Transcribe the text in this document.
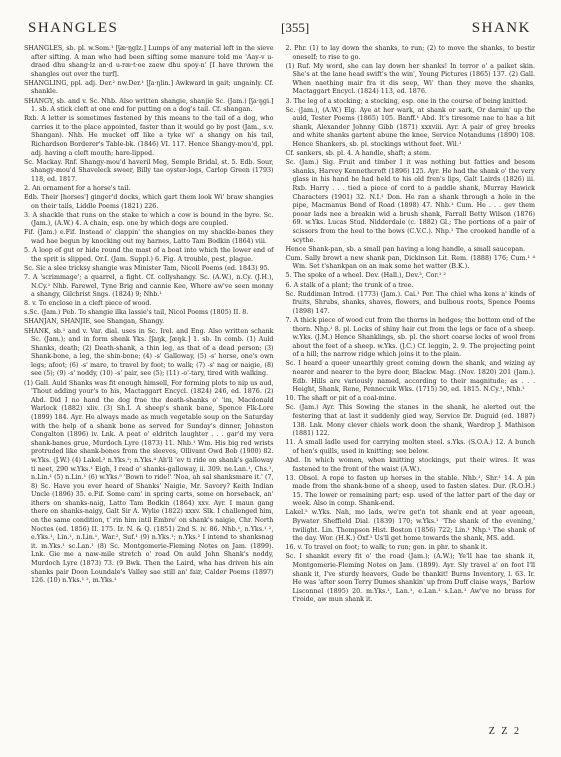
SHANGLES	[355]	SHANK

SHANGLES, sb. pl. w.Som.¹ [ʃæ·ŋglz.] Lumps of any material left in the sieve after sifting. A man who had been sifting some manure told me 'Aay-v u-draed dhu shang·lz an·d u-ræ·t·ee zaew dhu spoy-n' [I have thrown the shangles out over the turf].

SHANGLING, ppl. adj. Der.² nw.Der.¹ [ʃa·ŋlin.] Awkward in gait; ungainly. Cf. shankle.

SHANGY, sb. and v. Sc. Nhb. Also written shangie, shanjie Sc. (Jam.) [ʃa·ŋgi.] 1. sb. A stick cleft at one end for putting on a dog's tail. Cf. shangan.

Rxb. A letter is sometimes fastened by this means to the tail of a dog, who carries it to the place appointed, faster than it would go by post (Jam., s.v. Shangan). Nhb. He mucket off like a tyke wi' a shangy on his tail, Richardson Borderer's Table-bk. (1846) VI. 117. Hence Shangy-mou'd, ppl. adj. having a cleft mouth; hare-lipped.

Sc. Mackay. Rnf. Shangy-mou'd haveril Meg, Semple Bridal, st. 5. Edb. Sour, shangy-mou'd Shaveleck sweer, Billy tae oyster-logs, Carlop Green (1793) 118, ed. 1817.

2. An ornament for a horse's tail.

Edb. Their [horses'] ginger'd docks, which gart them look Wi' braw shangies on their tails, Liddle Poems (1821) 226.

3. A shackle that runs on the stake to which a cow is bound in the byre. Sc. (Jam.), (A.W.) 4. A chain, esp. one by which dogs are coupled.

Fif. (Jam.) e.Fif. Instead o' clappin' the shangies on my shackle-banes they wad hae begun by knocking out my harnes, Latto Tam Bodkin (1864) viii.

5. A loop of gut or hide round the mast of a boat into which the lower end of the sprit is slipped. Or.I. (Jam. Suppl.) 6. Fig. A trouble, pest, plague.

Sc. Sic a slee tricksy shangie was Minister Tam, Nicoll Poems (ed. 1843) 95.

7. A 'scrimmage'; a quarrel, a fight. Cf. collyshangy. Sc. (A.W.), n.Cy. (J.H.), N.Cy.¹ Nhb. Farewel, Tyne Brig and cannie Kee, Where aw've seen monny a shangy, Gilchrist Sngs. (1824) 9; Nhb.¹

8. v. To enclose in a cleft piece of wood.

s.Sc. (Jam.) Peb. To shangie ilka lassie's tail, Nicol Poems (1805) II. 8.

SHANJAN, SHANJIE, see Shangan, Shangy.

SHANK, sb.¹ and v. Var. dial. uses in Sc. Irel. and Eng. Also written schank Sc. (Jam.); and in form shenk Yks. [ʃaŋk, ʃæŋk.] 1. sb. In comb. (1) Auld Shanks, death; (2) Death-shank, a thin leg, as that of a dead person; (3) Shank-bone, a leg, the shin-bone; (4) -s' Galloway, (5) -s' horse, one's own legs; afoot; (6) -s' mare, to travel by foot; to walk; (7) -s' nag or naigie, (8) see (5); (9) -s' noddy, (10) -s' pair, see (5); (11) -o'-tary, tired with walking.

(1) Gall. Auld Shanks was fit enough himsell, For forming plots to nip us aud, 'Thout adding your's to his, Mactaggart Encycl. (1824) 246, ed. 1876. (2) Abd. Did I no hand the dog frae the death-shanks o' 'im, Macdonald Warlock (1882) xliv. (3) Sh.I. A sheep's shank bane, Spence Flk-Lore (1899) 184. Ayr. He always made as much vegetable soup on the Saturday with the help of a shank bone as served for Sunday's dinner, Johnston Congalton (1896) iv. Lnk. A peat o' eldritch laughter . . . gar'd my vera shank-banes grue, Murdoch Lyre (1873) 11. Nhb.¹ Wm. His big red wrists protruded like shank-bones from the sleeves, Ollivant Owd Bob (1900) 82. w.Yks. (J.W.) (4) Lakel.² n.Yks.²; n.Yks.⁴ Ah'll 'ev ti ride on shank's galloway ti neet, 290 w.Yks.¹ Eigh, I read o' shanks-galloway, ii. 309. ne.Lan.¹, Chs.¹, n.Lin.¹ (5) n.Lin.¹ (6) w.Yks.⁵ 'Bown to ride!' 'Noa, ah sal shanksmare it.' (7, 8) Sc. Have you ever heard of Shanks' Naigie, Mr. Savory? Keith Indian Uncle (1896) 35. e.Fif. Some cam' in spring carts, some on horseback, an' ithers on shanks-naig, Latto Tam Bodkin (1864) xxv. Ayr. I maun gang there on shanks-naigy, Galt Sir A. Wylie (1822) xxxv. Slk. I challenged him, on the same condition, t' rin him intil Embre' on shank's naigie, Chr. North Noctes (ed. 1856) II. 175. Ir. N. & Q. (1851) 2nd S. iv. 86. Nhb.¹, n.Yks.¹ ², e.Yks.¹, Lin.¹, n.Lin.¹, War.², Suf.¹ (9) n.Yks.¹; n.Yks.² I intend to shanksnag it. m.Yks.¹ sc.Lan.¹ (8) Sc. Montgomerie-Fleming Notes on Jam. (1899). Lnk. Gie me a naw-mile stretch o' road On auld John Shank's noddy, Murdoch Lyre (1873) 73. (9 Bwk. Then the Laird, wha has driven his ain shanks pair Doon Loundale's Valley sae still an' fair, Calder Poems (1897) 126. (10) n.Yks.¹ ², m.Yks.¹

2. Phr. (1) to lay down the shanks, to run; (2) to move the shanks, to bestir oneself; to rise to go.

(1) Ruf. My word, she can lay down her shanks! In terror o' a paiket skin. She's at the lane head swift's the win', Young Pictures (1865) 137. (2) Gall. When naething mair fra it dis seep, Wi' than they move the shanks, Mactaggart Encycl. (1824) 113, ed. 1876.

3. The leg of a stocking; a stocking, esp. one in the course of being knitted.

Sc. (Jam.), (A.W.) Elg. Aye at her wark, at shank or sark, Or darnin' up the auld, Tester Poems (1865) 105. Banff.¹ Abd. It's tiresome nae to hae a bit shank, Alexander Johnny Gibb (1871) xxxviii. Ayr. A pair of grey breeks and white shanks gartent abune the knee, Service Notandums (1890) 108. Hence Shankers, sb. pl. stockings without feet. Wil.¹

Cf. sankers, sb. pl. 4. A handle, shaft; a stem.

Sc. (Jam.) Sig. Fruit and timber I it was nothing but fatties and besom shanks, Harvey Kennethcroft (1896) 125. Ayr. He had the shank o' the very glass in his hand he had held to his old fren's lips, Galt Lairds (1826) iii. Rxb. Harry . . . tied a piece of cord to a paddle shank, Murray Hawick Characters (1901) 32. N.I.¹ Don. He ran a shank through a hole in the pipe, Macmanus Bend of Road (1898) 47. Nhb.¹ Cum. He . . . gev them pooar lads nee a breakin wid a brush shank, Farrall Betty Wilson (1876) 69. w.Yks. Lucas Stud. Nidderdale (c. 1882) Gl.; The portions of a pair of scissors from the heel to the bows (C.V.C.). Nhp.¹ The crooked handle of a scythe.

Hence Shank-pan, sb. a small pan having a long handle, a small saucepan.

Cum. Sally browt a new shank pan, Dickinson Lit. Rem. (1888) 176; Cum.¹ ⁴ Wm. Set t'shankpan on an mak some het watter (B.K.).

5. The spoke of a wheel. Dev. (Hall.), Dev.³, Cor.¹ ²

6. A stalk of a plant; the trunk of a tree.

Sc. Ruddiman Introd. (1773) (Jam.). Cai.¹ Per. The chiel wha kens a' kinds of fruits, Shrubs, shanks, shaves, flowers, and bulbous roots, Spence Poems (1898) 147.

7. A thick piece of wood cut from the thorns in hedges; the bottom end of the thorn. Nhp.¹ 8. pl. Locks of shiny hair cut from the legs or face of a sheep. w.Yks. (J.M.) Hence Shanklings, sb. pl. the short coarse locks of wool from about the feet of a sheep. w.Yks. (J.C.) Cf. leggin, 2. 9. The projecting point of a hill; the narrow ridge which joins it to the plain.

Sc. I heard a queer unearthly greet coming down the shank, and wizing ay nearer and nearer to the byre door, Blackw. Mag. (Nov. 1820) 201 (Jam.). Edb. Hills are variously named, according to their magnitude; as . . . Height, Shank, Rene, Pennecuik Wks. (1715) 50, ed. 1815. N.Cy.¹, Nhb.¹

10. The shaft or pit of a coal-mine.

Sc. (Jam.) Ayr. This Sowing the stanes in the shank, he alerted out the festering that at last it suddenly gied way, Service Dr. Duguid (ed. 1887) 138. Lnk. Mony clever chiels work doon the shank, Wardrop J. Mathison (1881) 122.

11. A small ladle used for carrying molten steel. s.Yks. (S.O.A.) 12. A bunch of hen's quills, used in knitting; see below.

Abd. In which women, when knitting stockings, put their wires. It was fastened to the front of the waist (A.W.).

13. Obsol. A rope to fasten up horses in the stable. Nhb.¹, Shr.¹ 14. A pin made from the shank-bone of a sheep, used to fasten slates. Dur. (R.O.H.) 15. The lower or remaining part; esp. used of the latter part of the day or week. Also in comp. Shank-end.

Lakel.² w.Yks. Nah, mo lads, we're get'n tot shank end at year ageean, Bywater Sheffield Dial. (1839) 170; w.Yks.¹ 'The shank of the evening,' twilight. Lin. Thompson Hist. Boston (1856) 722; Lin.¹ Nhp.¹ The shank of the day. Wor. (H.K.) Oxf.¹ Us'll get home towards the shank, MS. add.

16. v. To travel on foot; to walk; to run; gen. in phr. to shank it.

Sc. I shankit every fit o' the road (Jam.); (A.W.); Ye'll hae tae shank it, Montgomerie-Fleming Notes on Jam. (1899). Ayr. Sly travel a' on foot I'll shank it, I've sturdy heavers, Gude be thankit! Burns Inventory, l. 63. Ir. He was 'after soon Terry Dumes shankin' up from Duff claise ways,' Barlow Lisconnel (1895) 20. m.Yks.¹, Lan.¹, e.Lan.¹ s.Lan.¹ Aw've no brass for t'roide, aw mun shank it.

Z Z 2
